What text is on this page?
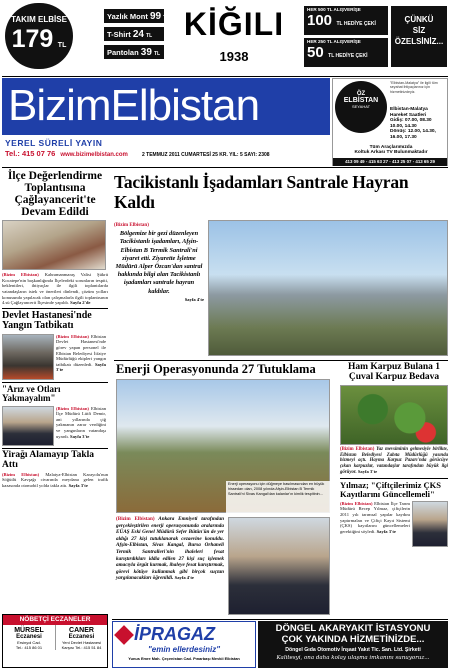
TAKIM ELBİSE
179 TL
Yazlık Mont 99 TL
T-Shirt 24 TL
Pantolan 39 TL
KİĞILI
1938
HER 500 TL ALIŞVERİŞE
100 TL HEDİYE ÇEKİ
HER 250 TL ALIŞVERİŞE
50 TL HEDİYE ÇEKİ
ÇÜNKÜ
SİZ
ÖZELSİNİZ...
BizimElbistan
YEREL SÜRELİ YAYIN
Tel.: 415 07 76 www.bizimelbistan.com	2 TEMMUZ 2011 CUMARTESİ 25 KR. YIL: 5 SAYI: 2308
ÖZ
ELBİSTAN
SEYAHAT
"Elbistan-Malatya" ile ilgili tüm seyahat ihtiyaçlarınız için hizmetinizdeyiz.
Elbistan-Malatya
Hareket Saatleri
Gidiş: 07.00, 08.30
10.00, 14.30
Dönüş: 12.00, 14.30,
16.00, 17.30
Tüm Araçlarımızda
Koltuk Arkası TV Bulunmaktadır
413 09 49 - 415 63 27 - 413 25 07 - 413 65 29
İlçe Değerlendirme Toplantısına Çağlayancerit'te Devam Edildi
(Bizim Elbistan) Kahramanmaraş Valisi Şükrü Kocatepe'nin başkanlığında İlçelerdeki sorunların tespiti, beklentileri, ihtiyaçlar ile ilgili toplantılarda vatandaşların istek ve önerileri dinlendi, çözüm yolları konusunda yapılacak olan çalışmalarla ilgili toplantısının 4.sü Çağlayancerit İlçesinde yapıldı. Sayfa 2'de
Devlet Hastanesi'nde Yangın Tatbikatı
(Bizim Elbistan) Elbistan Devlet Hastanesi'nde görev yapan personel ile Elbistan Belediyesi İtfaiye Müdürlüğü ekipleri yangın tatbikatı düzenledi. Sayfa 3'te
"Arız ve Otları Yakmayalım"
(Bizim Elbistan) Elbistan İlçe Müdürü Lütfi Demir, ani yıllarında çiğ yakmanın zarar verdiğini ve yangınların vatandaşı uyardı. Sayfa 3'te
Yirağı Alamayıp Takla Attı
(Bizim Elbistan) Malatya-Elbistan Karayolu'nun Söğütlü Kavşağı civarında meydana gelen trafik kazasında otomobil yolda takla attı. Sayfa 3'te
NÖBETÇİ ECZANELER
MÜRSEL
Eczanesi
Ersinyol Cad.
Tel.: 415 86 01
CANER
Eczanesi
Yeni Devlet Hastanesi
Karşısı Tel.: 415 51 84
Tacikistanlı İşadamları Santrale Hayran Kaldı
(Bizim Elbistan)
Bölgemize bir gezi düzenleyen Tacikistanlı işadamları, Afşin-Elbistan B Termik Santrali'ni ziyaret etti. Ziyarette İşletme Müdürü Alper Özcan'dan santral hakkında bilgi alan Tacikistanlı işadamları santrale hayran kaldılar.
Sayfa 4'te
Enerji Operasyonunda 27 Tutuklama
Enerji operasyonu için düğmeye basılmasından en büyük hissedarı olan, 2008 yılında Afşin-Elbistan B Termik Santrali'ni Sivas Kangal'dan kalanlar'ın kimlik tespitinin...
(Bizim Elbistan) Ankara Emniyeti tarafından gerçekleştirilen enerji operasyonunda aralarında EÜAŞ Eski Genel Müdürü Sefer Bütün'ün de yer aldığı 27 kişi tutuklanarak cezaevine konuldu. Afşin-Elbistan, Sivas Kangal, Bursa Orhaneli Termik Santralleri'nin ihaleleri fesat karıştırdıkları iddia edilen 27 kişi suç işlemek amacıyla örgüt kurmak, ihaleye fesat karıştırmak, görevi kötüye kullanmak gibi birçok suçtan yargılanacakları öğrenildi. Sayfa 4'te
Ham Karpuz Bulana 1 Çuval Karpuz Bedava
(Bizim Elbistan) Yaz mevsiminin gelmesiyle birlikte, Elbistan Belediyesi Zabıta Müdürlüğü yasında bizmeyi açtı. Hayma Karpuz Pazarı'nda görücüye çıkan karpuzlar, vatandaşlar tarafından büyük ilgi görüyor. Sayfa 3'te
Yılmaz; "Çiftçilerimiz ÇKS Kayıtlarını Güncellemeli"
(Bizim Elbistan) Elbistan İlçe Tarım Müdürü Recep Yılmaz, çiftçilerin 2011 yılı tarımsal yapılar kaydını yaptırmaları ve Çiftçi Kayıt Sistemi (ÇKS) kayıtlarını güncellemeleri gerektiğini söyledi. Sayfa 3'te
İPRAGAZ
"emin ellerdesiniz"
Yunus Emre Mah. Çeçenistan Cad. Pınarbaşı Mevkii Elbistan
DÖNGEL AKARYAKIT İSTASYONU
ÇOK YAKINDA HİZMETİNİZDE...
Döngel Gıda Otomotiv İnşaat Yakıt Tic. San. Ltd. Şirketi
Kalitesyi, ona daha kolay ulaşma imkanını sunuyoruz...
